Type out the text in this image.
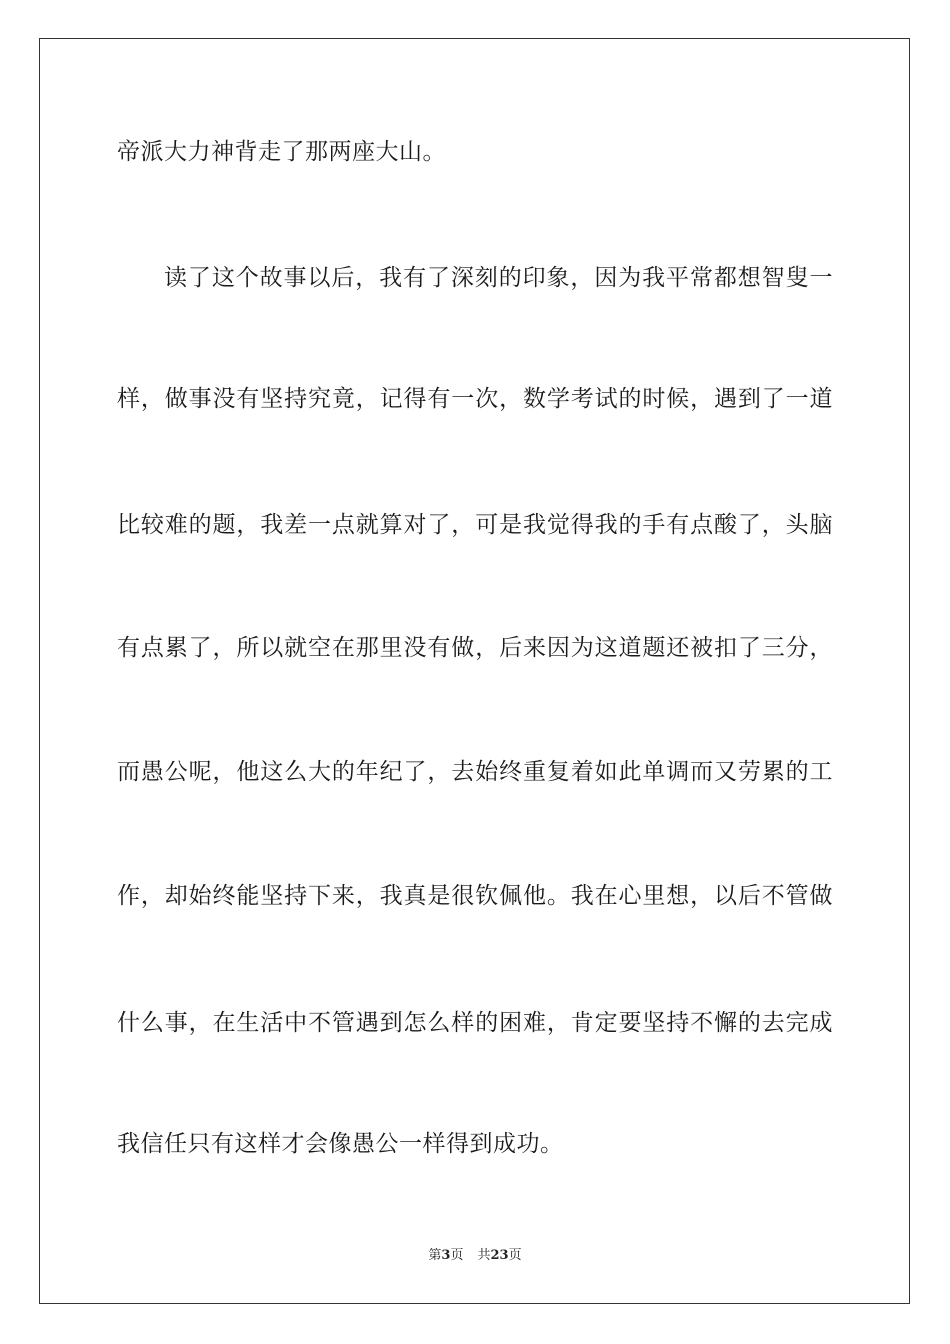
帝派大力神背走了那两座大山。
读了这个故事以后，我有了深刻的印象，因为我平常都想智叟一
样，做事没有坚持究竟，记得有一次，数学考试的时候，遇到了一道
比较难的题，我差一点就算对了，可是我觉得我的手有点酸了，头脑
有点累了，所以就空在那里没有做，后来因为这道题还被扣了三分，
而愚公呢，他这么大的年纪了，去始终重复着如此单调而又劳累的工
作，却始终能坚持下来，我真是很钦佩他。我在心里想，以后不管做
什么事，在生活中不管遇到怎么样的困难，肯定要坚持不懈的去完成
我信任只有这样才会像愚公一样得到成功。
第3页 共23页
